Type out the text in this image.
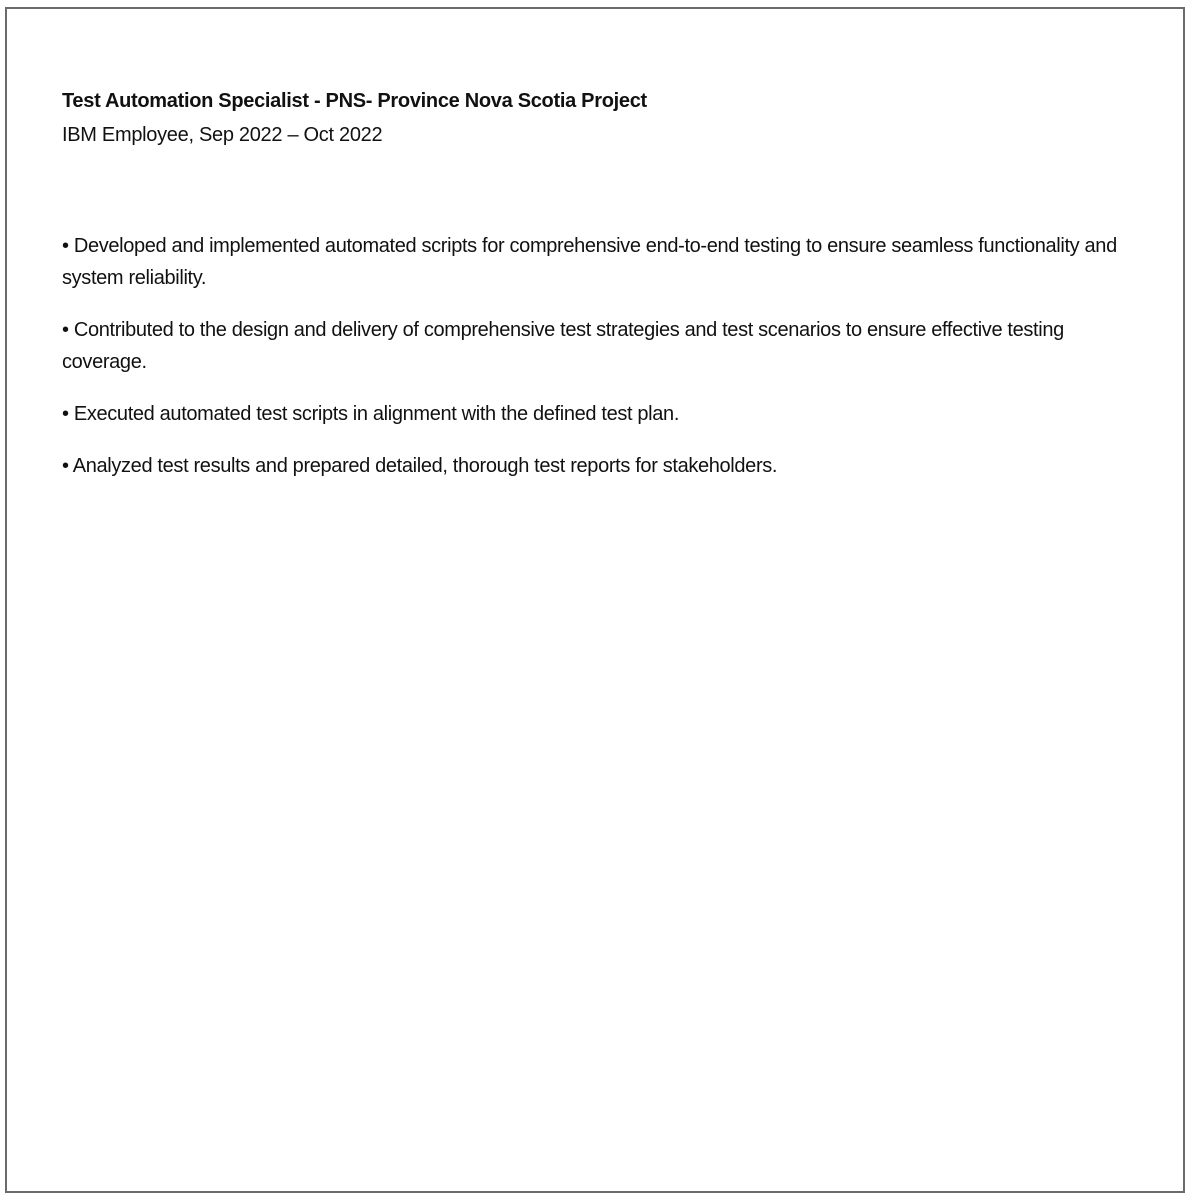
Test Automation Specialist - PNS- Province Nova Scotia Project

IBM Employee, Sep 2022 – Oct 2022

• Developed and implemented automated scripts for comprehensive end-to-end testing to ensure seamless functionality and system reliability.
• Contributed to the design and delivery of comprehensive test strategies and test scenarios to ensure effective testing coverage.
• Executed automated test scripts in alignment with the defined test plan.
• Analyzed test results and prepared detailed, thorough test reports for stakeholders.
